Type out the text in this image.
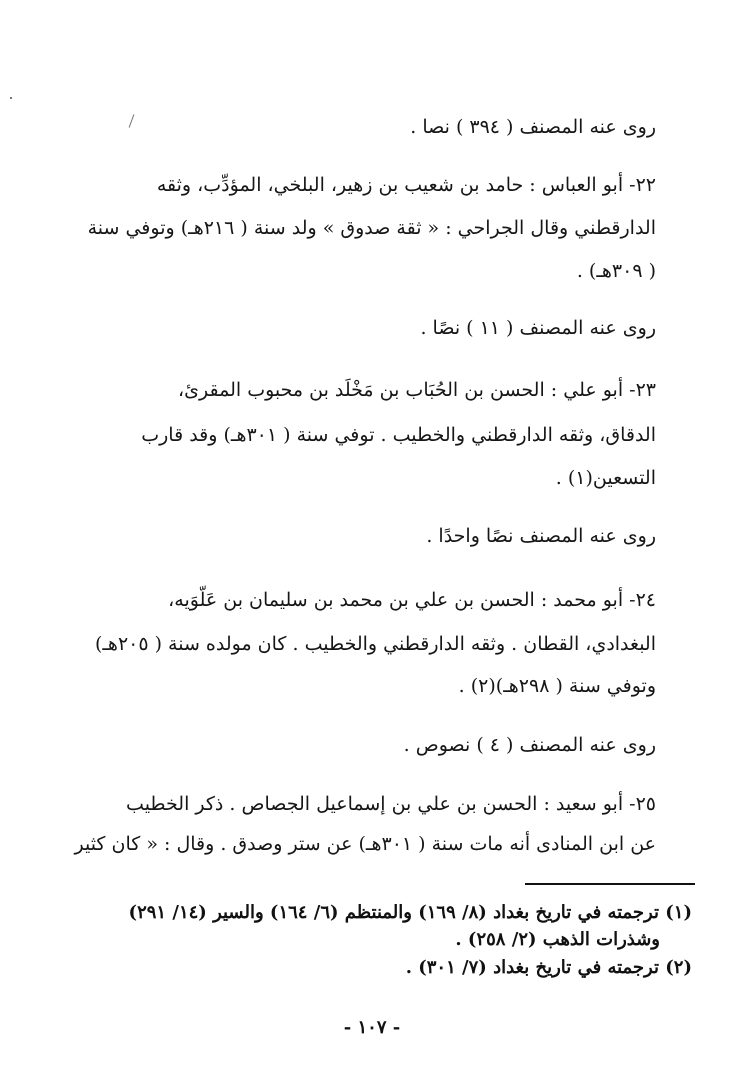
روى عنه المصنف ( ٣٩٤ ) نصا .
٢٢- أبو العباس : حامد بن شعيب بن زهير، البلخي، المؤدِّب، وثقه
الدارقطني وقال الجراحي : « ثقة صدوق » ولد سنة ( ٢١٦هـ) وتوفي سنة
( ٣٠٩هـ) .
روى عنه المصنف ( ١١ ) نصًا .
٢٣- أبو علي : الحسن بن الحُبَاب بن مَخْلَد بن محبوب المقرئ،
الدقاق، وثقه الدارقطني والخطيب . توفي سنة ( ٣٠١هـ) وقد قارب
التسعين(١) .
روى عنه المصنف نصًا واحدًا .
٢٤- أبو محمد : الحسن بن علي بن محمد بن سليمان بن عَلّوَيه،
البغدادي، القطان . وثقه الدارقطني والخطيب . كان مولده سنة ( ٢٠٥هـ)
وتوفي سنة ( ٢٩٨هـ)(٢) .
روى عنه المصنف ( ٤ ) نصوص .
٢٥- أبو سعيد : الحسن بن علي بن إسماعيل الجصاص . ذكر الخطيب
عن ابن المنادى أنه مات سنة ( ٣٠١هـ) عن ستر وصدق . وقال : « كان كثير
(١) ترجمته في تاريخ بغداد (٨/ ١٦٩) والمنتظم (٦/ ١٦٤) والسير (١٤/ ٢٩١)
وشذرات الذهب (٢/ ٢٥٨) .
(٢) ترجمته في تاريخ بغداد (٧/ ٣٠١) .
- ١٠٧ -
